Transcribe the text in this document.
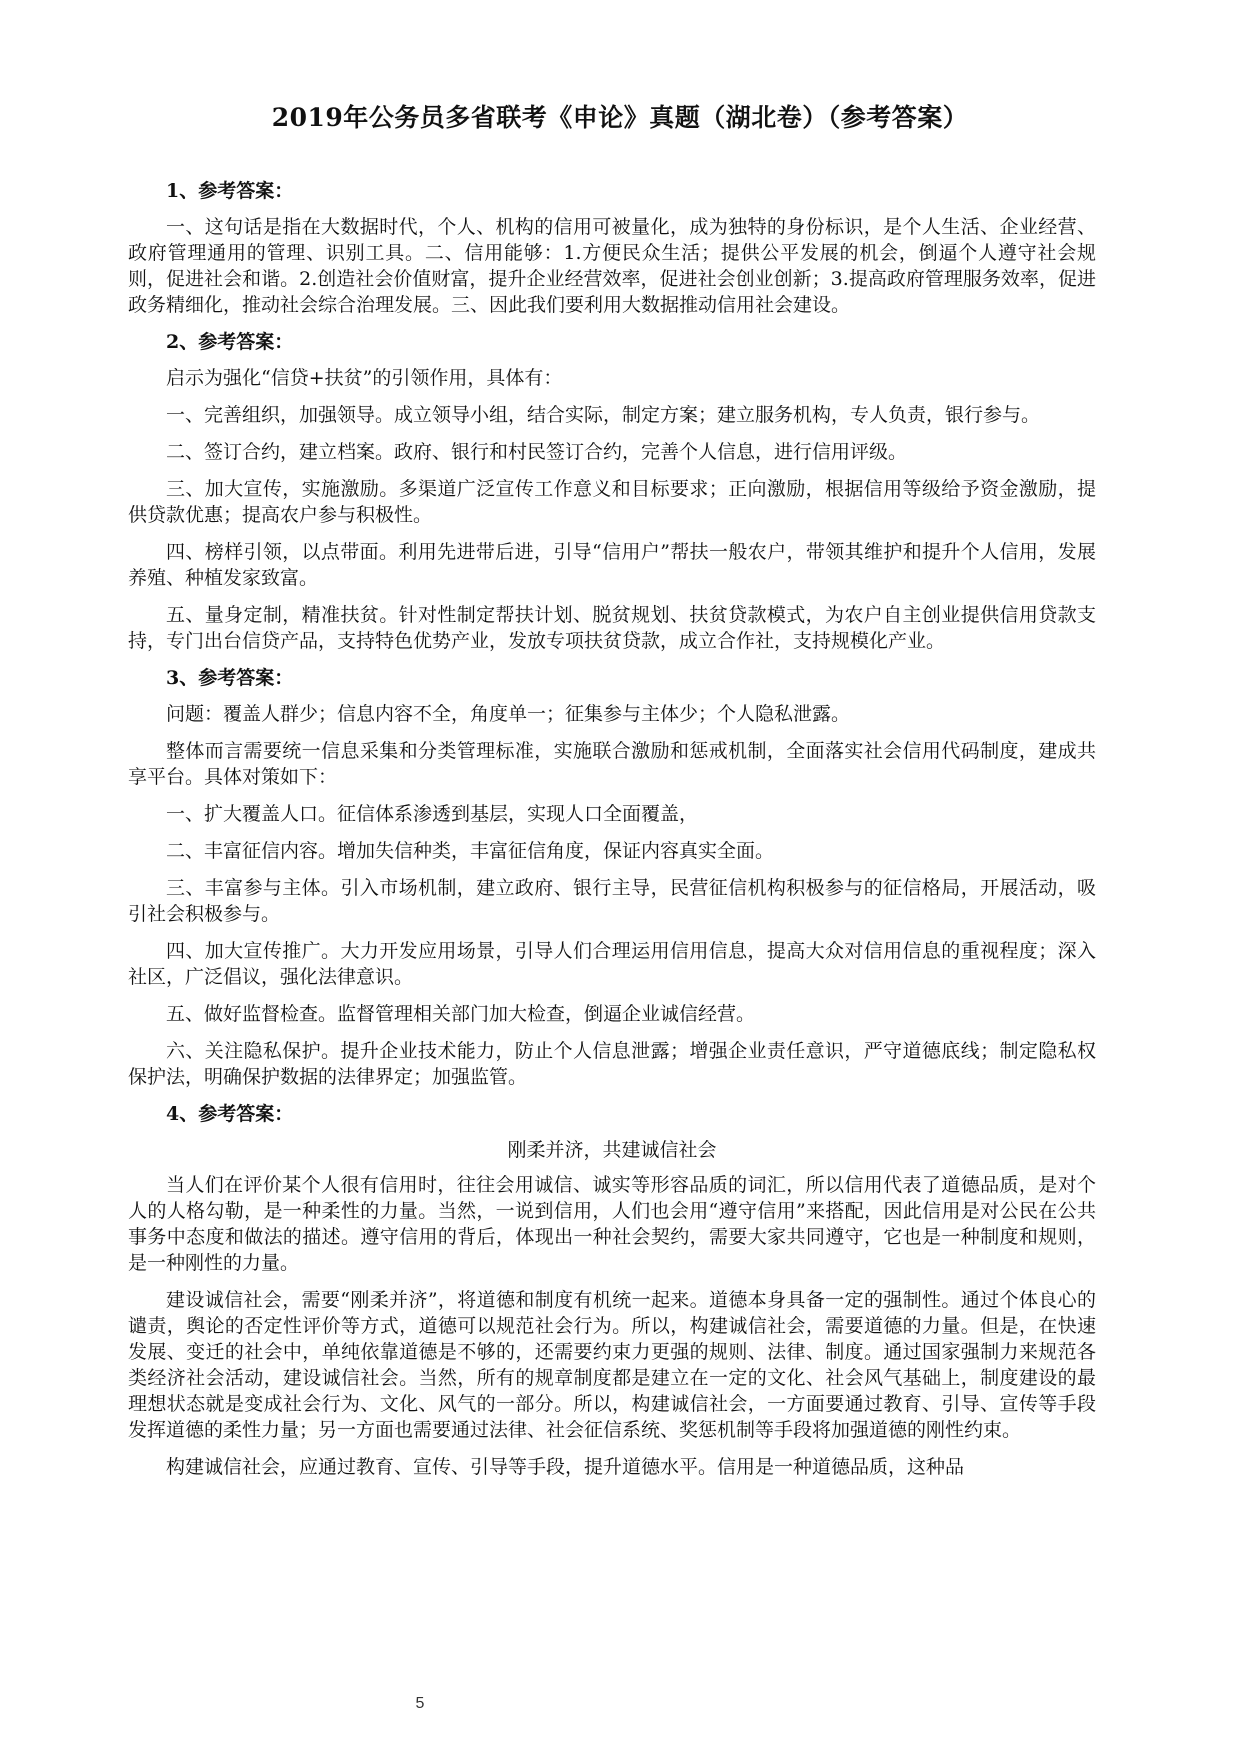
2019年公务员多省联考《申论》真题（湖北卷）（参考答案）

1、参考答案：

一、这句话是指在大数据时代，个人、机构的信用可被量化，成为独特的身份标识，是个人生活、企业经营、政府管理通用的管理、识别工具。二、信用能够：1.方便民众生活；提供公平发展的机会，倒逼个人遵守社会规则，促进社会和谐。2.创造社会价值财富，提升企业经营效率，促进社会创业创新；3.提高政府管理服务效率，促进政务精细化，推动社会综合治理发展。三、因此我们要利用大数据推动信用社会建设。

2、参考答案：

启示为强化“信贷+扶贫”的引领作用，具体有：

一、完善组织，加强领导。成立领导小组，结合实际，制定方案；建立服务机构，专人负责，银行参与。

二、签订合约，建立档案。政府、银行和村民签订合约，完善个人信息，进行信用评级。

三、加大宣传，实施激励。多渠道广泛宣传工作意义和目标要求；正向激励，根据信用等级给予资金激励，提供贷款优惠；提高农户参与积极性。

四、榜样引领，以点带面。利用先进带后进，引导“信用户”帮扶一般农户，带领其维护和提升个人信用，发展养殖、种植发家致富。

五、量身定制，精准扶贫。针对性制定帮扶计划、脱贫规划、扶贫贷款模式，为农户自主创业提供信用贷款支持，专门出台信贷产品，支持特色优势产业，发放专项扶贫贷款，成立合作社，支持规模化产业。

3、参考答案：

问题：覆盖人群少；信息内容不全，角度单一；征集参与主体少；个人隐私泄露。

整体而言需要统一信息采集和分类管理标准，实施联合激励和惩戒机制，全面落实社会信用代码制度，建成共享平台。具体对策如下：

一、扩大覆盖人口。征信体系渗透到基层，实现人口全面覆盖，

二、丰富征信内容。增加失信种类，丰富征信角度，保证内容真实全面。

三、丰富参与主体。引入市场机制，建立政府、银行主导，民营征信机构积极参与的征信格局，开展活动，吸引社会积极参与。

四、加大宣传推广。大力开发应用场景，引导人们合理运用信用信息，提高大众对信用信息的重视程度；深入社区，广泛倡议，强化法律意识。

五、做好监督检查。监督管理相关部门加大检查，倒逼企业诚信经营。

六、关注隐私保护。提升企业技术能力，防止个人信息泄露；增强企业责任意识，严守道德底线；制定隐私权保护法，明确保护数据的法律界定；加强监管。

4、参考答案：

刚柔并济，共建诚信社会

当人们在评价某个人很有信用时，往往会用诚信、诚实等形容品质的词汇，所以信用代表了道德品质，是对个人的人格勾勒，是一种柔性的力量。当然，一说到信用，人们也会用“遵守信用”来搭配，因此信用是对公民在公共事务中态度和做法的描述。遵守信用的背后，体现出一种社会契约，需要大家共同遵守，它也是一种制度和规则，是一种刚性的力量。

建设诚信社会，需要“刚柔并济”，将道德和制度有机统一起来。道德本身具备一定的强制性。通过个体良心的谴责，舆论的否定性评价等方式，道德可以规范社会行为。所以，构建诚信社会，需要道德的力量。但是，在快速发展、变迁的社会中，单纯依靠道德是不够的，还需要约束力更强的规则、法律、制度。通过国家强制力来规范各类经济社会活动，建设诚信社会。当然，所有的规章制度都是建立在一定的文化、社会风气基础上，制度建设的最理想状态就是变成社会行为、文化、风气的一部分。所以，构建诚信社会，一方面要通过教育、引导、宣传等手段发挥道德的柔性力量；另一方面也需要通过法律、社会征信系统、奖惩机制等手段将加强道德的刚性约束。

构建诚信社会，应通过教育、宣传、引导等手段，提升道德水平。信用是一种道德品质，这种品

5
